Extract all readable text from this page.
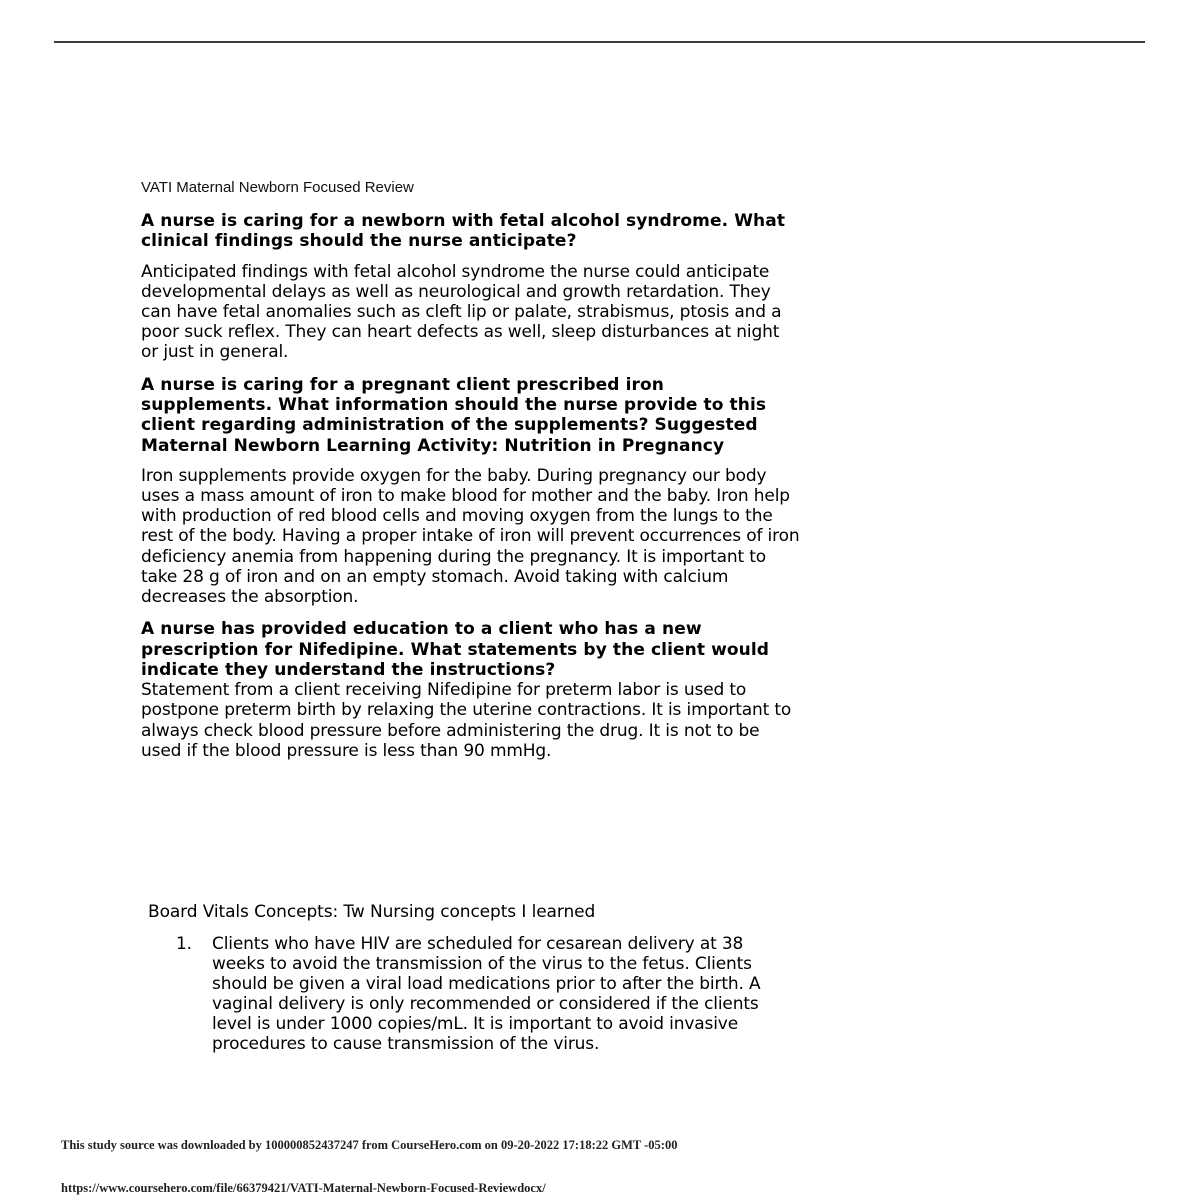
VATI Maternal Newborn Focused Review

A nurse is caring for a newborn with fetal alcohol syndrome. What clinical findings should the nurse anticipate?

Anticipated findings with fetal alcohol syndrome the nurse could anticipate developmental delays as well as neurological and growth retardation. They can have fetal anomalies such as cleft lip or palate, strabismus, ptosis and a poor suck reflex. They can heart defects as well, sleep disturbances at night or just in general.

A nurse is caring for a pregnant client prescribed iron supplements. What information should the nurse provide to this client regarding administration of the supplements? Suggested Maternal Newborn Learning Activity: Nutrition in Pregnancy

Iron supplements provide oxygen for the baby. During pregnancy our body uses a mass amount of iron to make blood for mother and the baby. Iron help with production of red blood cells and moving oxygen from the lungs to the rest of the body. Having a proper intake of iron will prevent occurrences of iron deficiency anemia from happening during the pregnancy. It is important to take 28 g of iron and on an empty stomach. Avoid taking with calcium decreases the absorption.

A nurse has provided education to a client who has a new prescription for Nifedipine. What statements by the client would indicate they understand the instructions?

Statement from a client receiving Nifedipine for preterm labor is used to postpone preterm birth by relaxing the uterine contractions. It is important to always check blood pressure before administering the drug. It is not to be used if the blood pressure is less than 90 mmHg.

Board Vitals Concepts: Tw Nursing concepts I learned

1. Clients who have HIV are scheduled for cesarean delivery at 38 weeks to avoid the transmission of the virus to the fetus. Clients should be given a viral load medications prior to after the birth. A vaginal delivery is only recommended or considered if the clients level is under 1000 copies/mL. It is important to avoid invasive procedures to cause transmission of the virus.
This study source was downloaded by 100000852437247 from CourseHero.com on 09-20-2022 17:18:22 GMT -05:00
https://www.coursehero.com/file/66379421/VATI-Maternal-Newborn-Focused-Reviewdocx/
